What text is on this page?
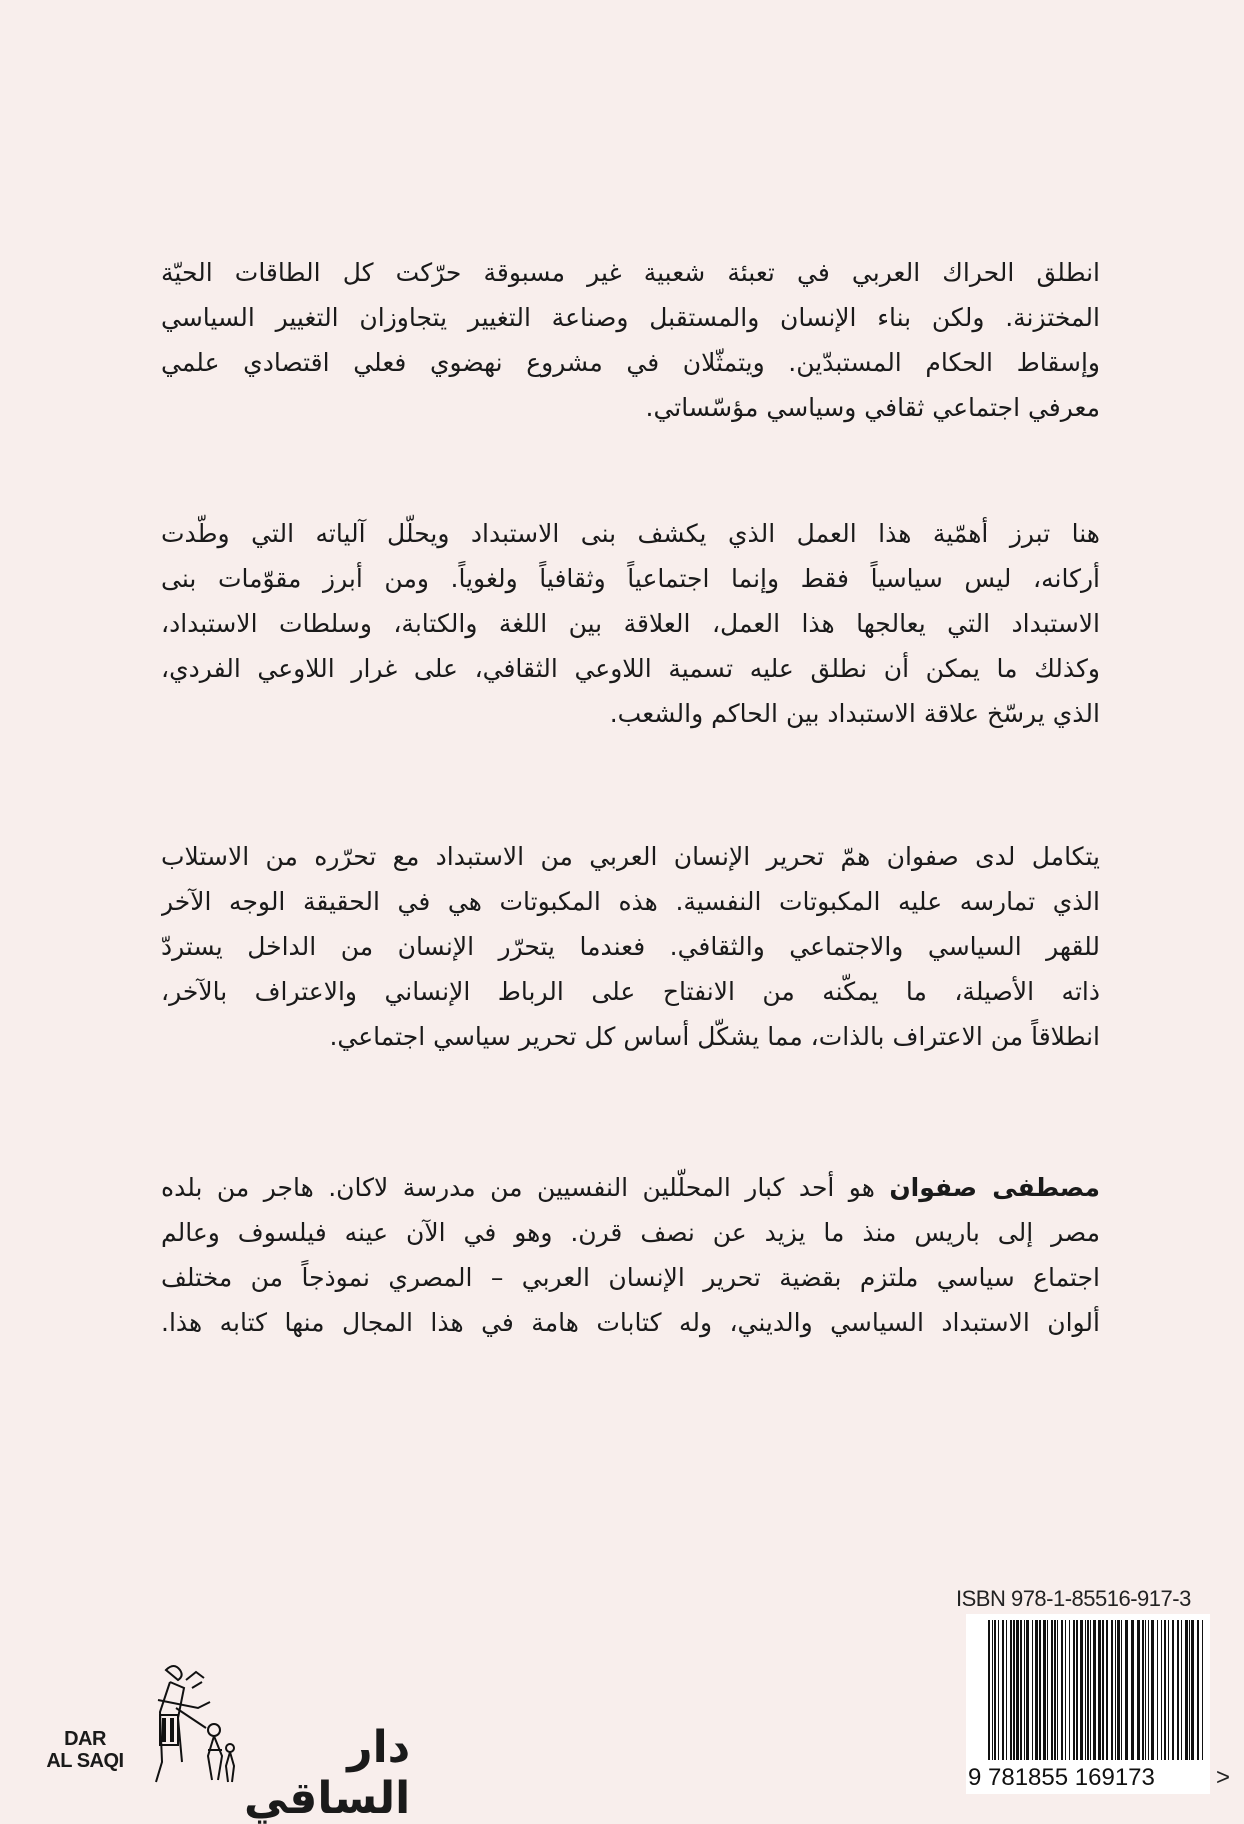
انطلق الحراك العربي في تعبئة شعبية غير مسبوقة حرّكت كل الطاقات الحيّة
المختزنة. ولكن بناء الإنسان والمستقبل وصناعة التغيير يتجاوزان التغيير السياسي
وإسقاط الحكام المستبدّين. ويتمثّلان في مشروع نهضوي فعلي اقتصادي علمي
معرفي اجتماعي ثقافي وسياسي مؤسّساتي.
هنا تبرز أهمّية هذا العمل الذي يكشف بنى الاستبداد ويحلّل آلياته التي وطّدت
أركانه، ليس سياسياً فقط وإنما اجتماعياً وثقافياً ولغوياً. ومن أبرز مقوّمات بنى
الاستبداد التي يعالجها هذا العمل، العلاقة بين اللغة والكتابة، وسلطات الاستبداد،
وكذلك ما يمكن أن نطلق عليه تسمية اللاوعي الثقافي، على غرار اللاوعي الفردي،
الذي يرسّخ علاقة الاستبداد بين الحاكم والشعب.
يتكامل لدى صفوان همّ تحرير الإنسان العربي من الاستبداد مع تحرّره من الاستلاب
الذي تمارسه عليه المكبوتات النفسية. هذه المكبوتات هي في الحقيقة الوجه الآخر
للقهر السياسي والاجتماعي والثقافي. فعندما يتحرّر الإنسان من الداخل يستردّ
ذاته الأصيلة، ما يمكّنه من الانفتاح على الرباط الإنساني والاعتراف بالآخر،
انطلاقاً من الاعتراف بالذات، مما يشكّل أساس كل تحرير سياسي اجتماعي.
مصطفى صفوان هو أحد كبار المحلّلين النفسيين من مدرسة لاكان. هاجر من بلده
مصر إلى باريس منذ ما يزيد عن نصف قرن. وهو في الآن عينه فيلسوف وعالم
اجتماع سياسي ملتزم بقضية تحرير الإنسان العربي – المصري نموذجاً من مختلف
ألوان الاستبداد السياسي والديني، وله كتابات هامة في هذا المجال منها كتابه هذا.
DAR
AL SAQI	دار الساقي
ISBN 978-1-85516-917-3
9 781855 169173	>
